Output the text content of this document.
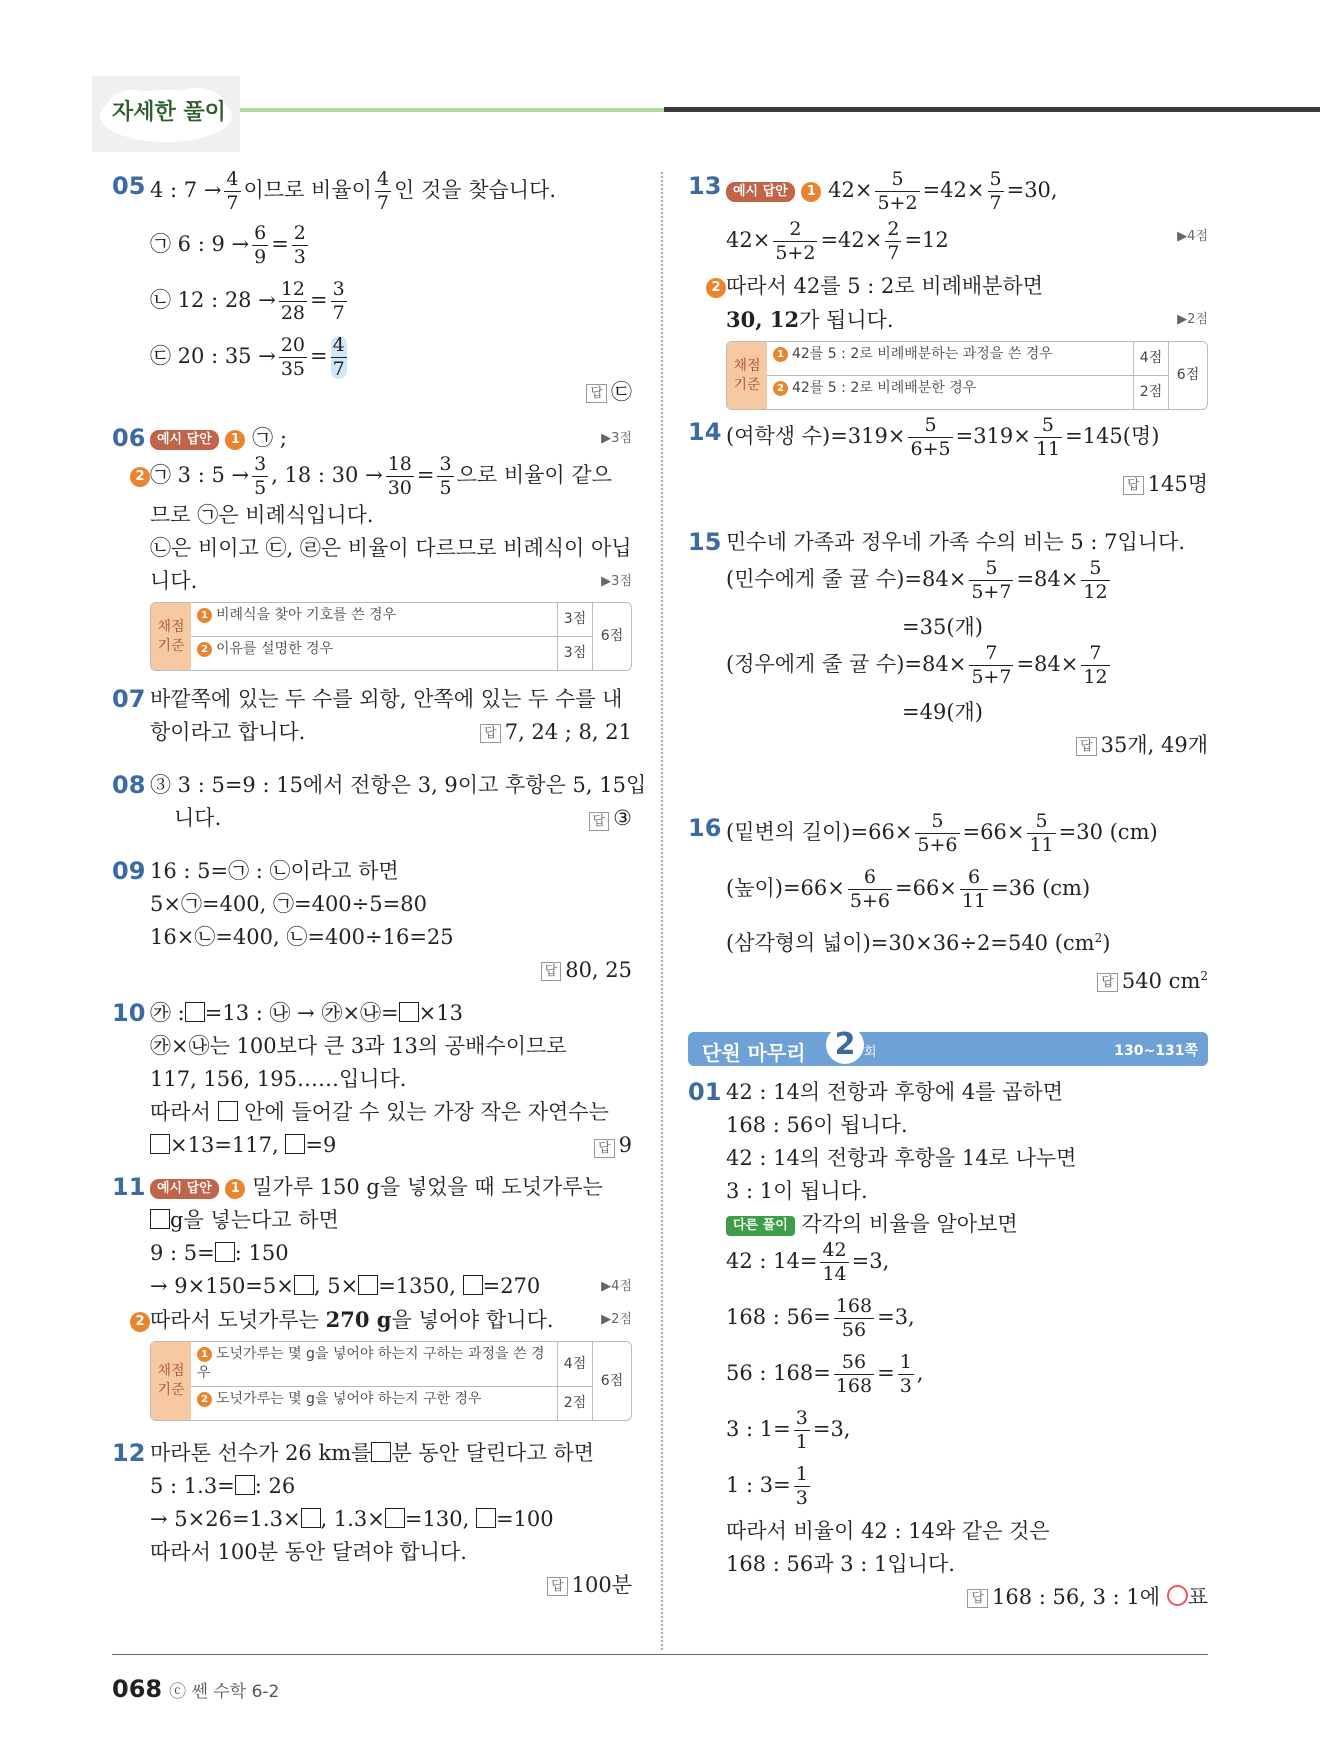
자세한 풀이
05 4 : $7 \to \frac{4}{7}$ 이므로 비율이 $\frac{4}{7}$ 인 것을 찾습니다.
㉠ 6 : $9 \to \frac{6}{9} = \frac{2}{3}$
㉡ 12 : $28 \to \frac{12}{28} = \frac{3}{7}$
㉢ 20 : $35 \to \frac{20}{35} = \frac{4}{7}$
답 ㉢
06 예시 답안 1 ㉠ ;	▶3점
2 ㉠ 3 : $5 \to \frac{3}{5}$ , 18 : $30 \to \frac{18}{30} = \frac{3}{5}$ 으로 비율이 같으
므로 ㉠은 비례식입니다.
㉡은 비이고 ㉢, ㉣은 비율이 다르므로 비례식이 아닙
니다.	▶3점
채점 기준
1 비례식을 찾아 기호를 쓴 경우	3점
2 이유를 설명한 경우	3점
6점
07 바깥쪽에 있는 두 수를 외항, 안쪽에 있는 두 수를 내
항이라고 합니다.	답 7, 24 ; 8, 21
08 ③ 3 : 5=9 : 15에서 전항은 3, 9이고 후항은 5, 15입
니다.	답 ③
09 16 : 5=㉠ : ㉡이라고 하면
5×㉠=400, ㉠=400÷5=80
16×㉡=400, ㉡=400÷16=25
답 80, 25
10 ㉮ : =13 : ㉯ → ㉮×㉯= ×13
㉮×㉯는 100보다 큰 3과 13의 공배수이므로
117, 156, 195……입니다.
따라서 안에 들어갈 수 있는 가장 작은 자연수는
×13=117, =9	답 9
11 예시 답안 1 밀가루 150 g을 넣었을 때 도넛가루는
g을 넣는다고 하면
9 : 5= : 150
→ 9×150=5× , 5× =1350, =270	▶4점
2 따라서 도넛가루는 270 g을 넣어야 합니다.	▶2점
채점 기준
1 도넛가루는 몇 g을 넣어야 하는지 구하는 과정을 쓴 경우
4점
2 도넛가루는 몇 g을 넣어야 하는지 구한 경우	2점
6점
12 마라톤 선수가 26 km를 분 동안 달린다고 하면
5 : 1.3= : 26
→ 5×26=1.3× , 1.3× =130, =100
따라서 100분 동안 달려야 합니다.
답 100분
13 예시 답안 1 $42\times \frac{5}{5+2} =42\times \frac{5}{7} =30$,
$42\times \frac{2}{5+2} =42\times \frac{2}{7} =12$	▶4점
2 따라서 42를 5 : 2로 비례배분하면
30, 12가 됩니다.	▶2점
채점 기준
1 42를 5 : 2로 비례배분하는 과정을 쓴 경우	4점
2 42를 5 : 2로 비례배분한 경우	2점
6점
14 (여학생 수)$=319\times \frac{5}{6+5} =319\times \frac{5}{11} =145$(명)
답 145명
15 민수네 가족과 정우네 가족 수의 비는 5 : 7입니다.
(민수에게 줄 귤 수)$=84\times \frac{5}{5+7} =84\times \frac{5}{12}$
=35(개)
(정우에게 줄 귤 수)$=84\times \frac{7}{5+7} =84\times \frac{7}{12}$
=49(개)
답 35개, 49개
16 (밑변의 길이)$=66\times \frac{5}{5+6} =66\times \frac{5}{11} =30$ (cm)
(높이)$=66\times \frac{6}{5+6} =66\times \frac{6}{11} =36$ (cm)
(삼각형의 넓이)=30×36÷2=540 $(cm^2)$
답 540 $cm^2$
단원 마무리 2 회	130~131쪽
01 42 : 14의 전항과 후항에 4를 곱하면
168 : 56이 됩니다.
42 : 14의 전항과 후항을 14로 나누면
3 : 1이 됩니다.
다른 풀이 각각의 비율을 알아보면
42 : $14= \frac{42}{14} =3$,
168 : $56= \frac{168}{56} =3$,
56 : $168= \frac{56}{168} = \frac{1}{3}$ ,
3 : $1= \frac{3}{1} =3$,
1 : $3= \frac{1}{3}$
따라서 비율이 42 : 14와 같은 것은
168 : 56과 3 : 1입니다.
답 168 : 56, 3 : 1에 ○표
068 ⓒ 쎈 수학 6-2
